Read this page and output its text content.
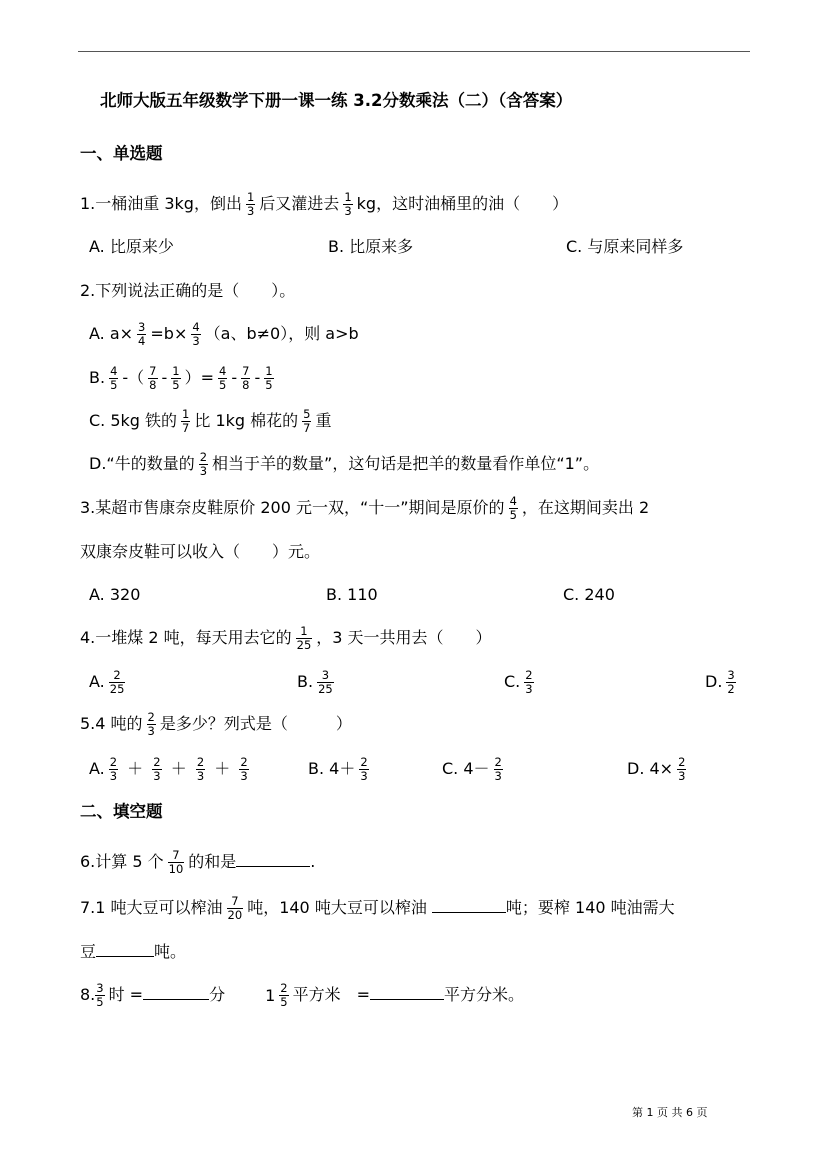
北师大版五年级数学下册一课一练 3.2分数乘法（二）（含答案）
一、单选题
1.一桶油重 3kg，倒出 $\frac{1}{3}$ 后又灌进去 $\frac{1}{3}$ kg，这时油桶里的油（　　）
A. 比原来少	B. 比原来多	C. 与原来同样多
2.下列说法正确的是（　　）。
A. $a\times \frac{3}{4} =b\times \frac{4}{3} (a$、b≠0），则 a>b
B. $\frac{4}{5}$ -（ $\frac{7}{8} - \frac{1}{5}$ ）= $\frac{4}{5} - \frac{7}{8} - \frac{1}{5}$
C. 5kg 铁的 $\frac{1}{7}$ 比 1kg 棉花的 $\frac{5}{7}$ 重
D.“牛的数量的 $\frac{2}{3}$ 相当于羊的数量”，这句话是把羊的数量看作单位“1”。
3.某超市售康奈皮鞋原价 200 元一双，“十一”期间是原价的 $\frac{4}{5}$ ，在这期间卖出 2
双康奈皮鞋可以收入（　　）元。
A. 320	B. 110	C. 240
4.一堆煤 2 吨，每天用去它的 $\frac{1}{25}$ ，3 天一共用去（　　）
A. $\frac{2}{25}$	B. $\frac{3}{25}$	C. $\frac{2}{3}$	D. $\frac{3}{2}$
5.4 吨的 $\frac{2}{3}$ 是多少？列式是（　　　）
A. $\frac{2}{3} + \frac{2}{3} + \frac{2}{3} + \frac{2}{3}$	B. $4+ \frac{2}{3}$	C. $4- \frac{2}{3}$	D. $4\times \frac{2}{3}$
二、填空题
6.计算 5 个 $\frac{7}{10}$ 的和是	.
7.1 吨大豆可以榨油 $\frac{7}{20}$ 吨，140 吨大豆可以榨油	吨；要榨 140 吨油需大
豆	吨。
8. $\frac{3}{5}$ 时 =	分	1 2
5 平方米　=	平方分米。
第 1 页 共 6 页
